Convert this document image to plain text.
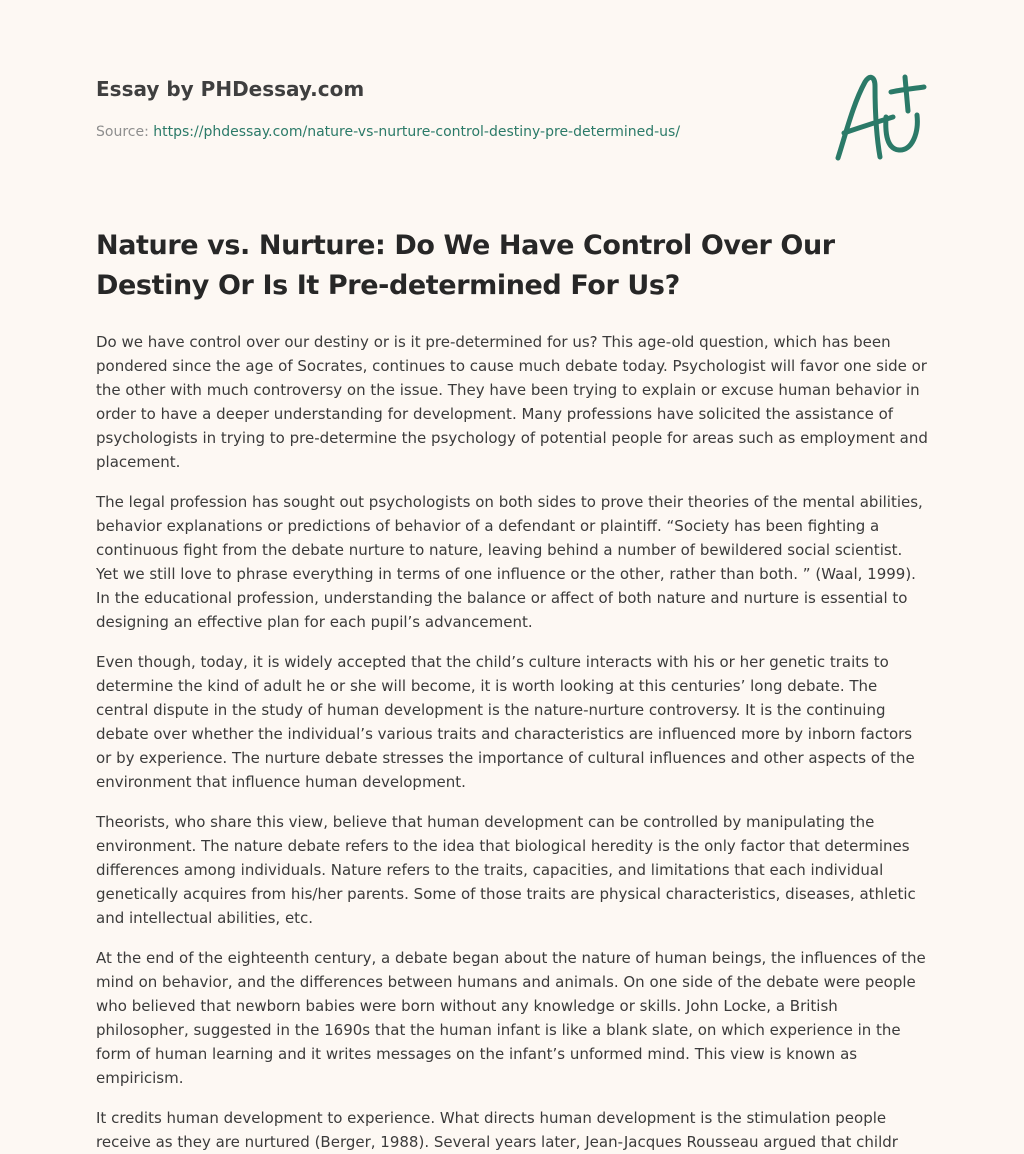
Essay by PHDessay.com
Source: https://phdessay.com/nature-vs-nurture-control-destiny-pre-determined-us/
Nature vs. Nurture: Do We Have Control Over Our Destiny Or Is It Pre-determined For Us?

Do we have control over our destiny or is it pre-determined for us? This age-old question, which has been pondered since the age of Socrates, continues to cause much debate today. Psychologist will favor one side or the other with much controversy on the issue. They have been trying to explain or excuse human behavior in order to have a deeper understanding for development. Many professions have solicited the assistance of psychologists in trying to pre-determine the psychology of potential people for areas such as employment and placement.

The legal profession has sought out psychologists on both sides to prove their theories of the mental abilities, behavior explanations or predictions of behavior of a defendant or plaintiff. “Society has been fighting a continuous fight from the debate nurture to nature, leaving behind a number of bewildered social scientist. Yet we still love to phrase everything in terms of one influence or the other, rather than both. ” (Waal, 1999). In the educational profession, understanding the balance or affect of both nature and nurture is essential to designing an effective plan for each pupil’s advancement.

Even though, today, it is widely accepted that the child’s culture interacts with his or her genetic traits to determine the kind of adult he or she will become, it is worth looking at this centuries’ long debate. The central dispute in the study of human development is the nature-nurture controversy. It is the continuing debate over whether the individual’s various traits and characteristics are influenced more by inborn factors or by experience. The nurture debate stresses the importance of cultural influences and other aspects of the environment that influence human development.

Theorists, who share this view, believe that human development can be controlled by manipulating the environment. The nature debate refers to the idea that biological heredity is the only factor that determines differences among individuals. Nature refers to the traits, capacities, and limitations that each individual genetically acquires from his/her parents. Some of those traits are physical characteristics, diseases, athletic and intellectual abilities, etc.

At the end of the eighteenth century, a debate began about the nature of human beings, the influences of the mind on behavior, and the differences between humans and animals. On one side of the debate were people who believed that newborn babies were born without any knowledge or skills. John Locke, a British philosopher, suggested in the 1690s that the human infant is like a blank slate, on which experience in the form of human learning and it writes messages on the infant’s unformed mind. This view is known as empiricism.

It credits human development to experience. What directs human development is the stimulation people receive as they are nurtured (Berger, 1988). Several years later, Jean-Jacques Rousseau argued that childr
